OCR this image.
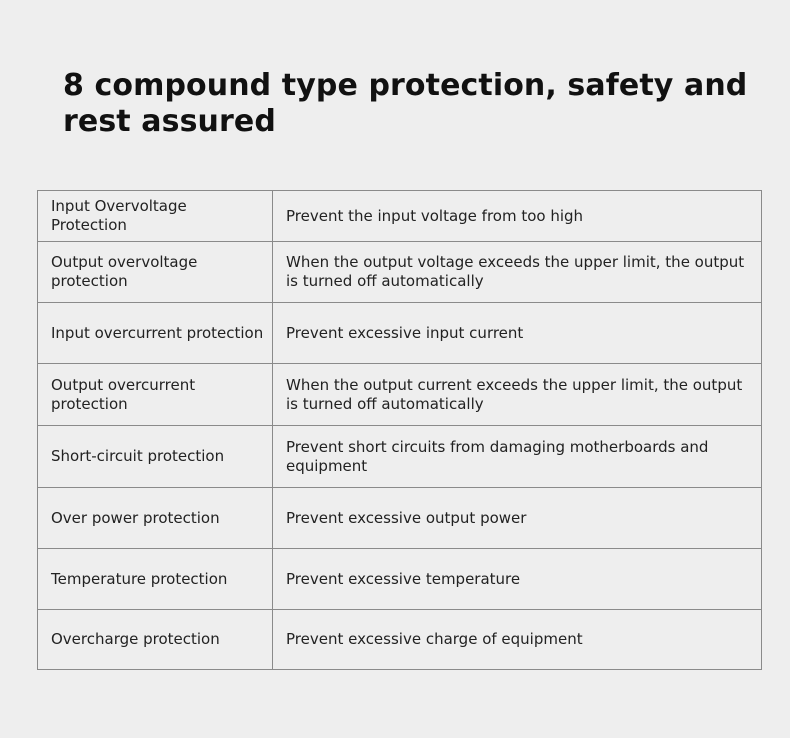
8 compound type protection, safety and rest assured
Input Overvoltage Protection	Prevent the input voltage from too high
Output overvoltage protection	When the output voltage exceeds the upper limit, the output is turned off automatically
Input overcurrent protection	Prevent excessive input current
Output overcurrent protection	When the output current exceeds the upper limit, the output is turned off automatically
Short-circuit protection	Prevent short circuits from damaging motherboards and equipment
Over power protection	Prevent excessive output power
Temperature protection	Prevent excessive temperature
Overcharge protection	Prevent excessive charge of equipment
